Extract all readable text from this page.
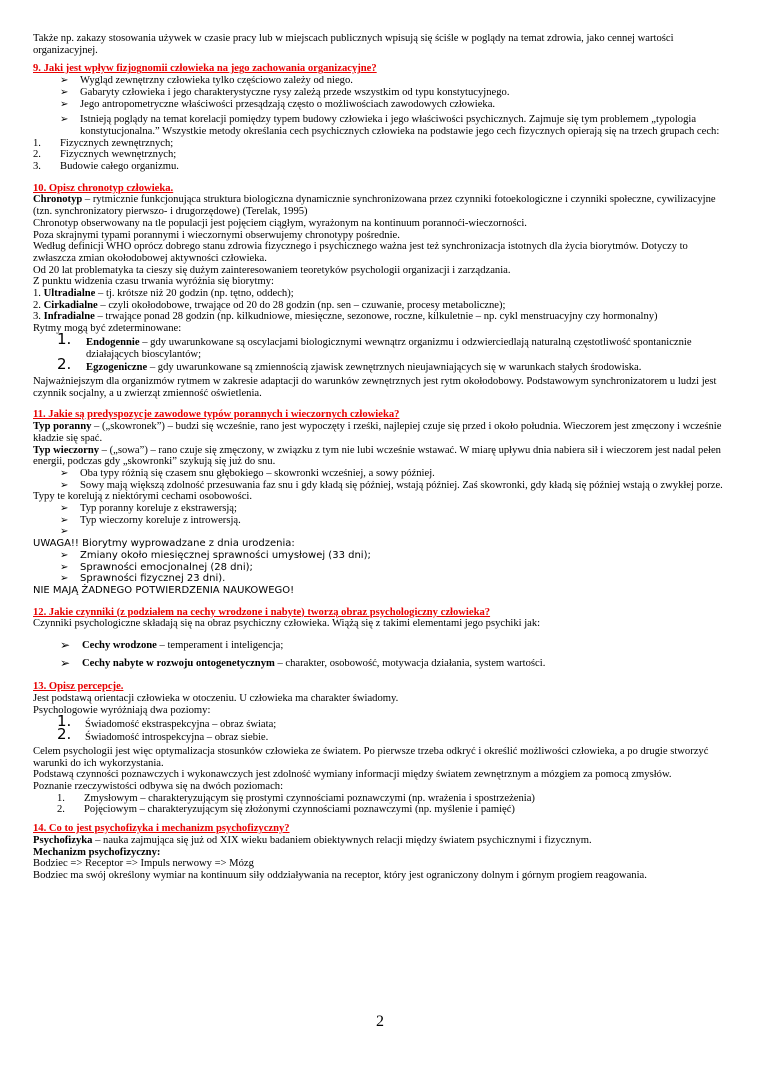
Także np. zakazy stosowania używek w czasie pracy lub w miejscach publicznych wpisują się ściśle w poglądy na temat zdrowia, jako cennej wartości organizacyjnej.

9. Jaki jest wpływ fizjognomii człowieka na jego zachowania organizacyjne?

➢ Wygląd zewnętrzny człowieka tylko częściowo zależy od niego.
➢ Gabaryty człowieka i jego charakterystyczne rysy zależą przede wszystkim od typu konstytucyjnego.
➢ Jego antropometryczne właściwości przesądzają często o możliwościach zawodowych człowieka.
➢ Istnieją poglądy na temat korelacji pomiędzy typem budowy człowieka i jego właściwości psychicznych. Zajmuje się tym problemem „typologia konstytucjonalna.” Wszystkie metody określania cech psychicznych człowieka na podstawie jego cech fizycznych opierają się na trzech grupach cech:
1. Fizycznych zewnętrznych;
2. Fizycznych wewnętrznych;
3. Budowie całego organizmu.

10. Opisz chronotyp człowieka.

Chronotyp – rytmicznie funkcjonująca struktura biologiczna dynamicznie synchronizowana przez czynniki fotoekologiczne i czynniki społeczne, cywilizacyjne (tzn. synchronizatory pierwszo- i drugorzędowe) (Terelak, 1995)

Chronotyp obserwowany na tle populacji jest pojęciem ciągłym, wyrażonym na kontinuum porannoći-wieczorności.

Poza skrajnymi typami porannymi i wieczornymi obserwujemy chronotypy pośrednie.

Według definicji WHO oprócz dobrego stanu zdrowia fizycznego i psychicznego ważna jest też synchronizacja istotnych dla życia biorytmów. Dotyczy to zwłaszcza zmian okołodobowej aktywności człowieka.

Od 20 lat problematyka ta cieszy się dużym zainteresowaniem teoretyków psychologii organizacji i zarządzania.

Z punktu widzenia czasu trwania wyróżnia się biorytmy:

1. Ultradialne – tj. krótsze niż 20 godzin (np. tętno, oddech);

2. Cirkadialne – czyli okołodobowe, trwające od 20 do 28 godzin (np. sen – czuwanie, procesy metaboliczne);

3. Infradialne – trwające ponad 28 godzin (np. kilkudniowe, miesięczne, sezonowe, roczne, kilkuletnie – np. cykl menstruacyjny czy hormonalny)

Rytmy mogą być zdeterminowane:

1. Endogennie – gdy uwarunkowane są oscylacjami biologicznymi wewnątrz organizmu i odzwierciedlają naturalną częstotliwość spontanicznie działających bioscylantów;
2. Egzogeniczne – gdy uwarunkowane są zmiennością zjawisk zewnętrznych nieujawniających się w warunkach stałych środowiska.

Najważniejszym dla organizmów rytmem w zakresie adaptacji do warunków zewnętrznych jest rytm okołodobowy. Podstawowym synchronizatorem u ludzi jest czynnik socjalny, a u zwierząt zmienność oświetlenia.

11. Jakie są predyspozycje zawodowe typów porannych i wieczornych człowieka?

Typ poranny – („skowronek”) – budzi się wcześnie, rano jest wypoczęty i rześki, najlepiej czuje się przed i około południa. Wieczorem jest zmęczony i wcześnie kładzie się spać.

Typ wieczorny – („sowa”) – rano czuje się zmęczony, w związku z tym nie lubi wcześnie wstawać. W miarę upływu dnia nabiera sił i wieczorem jest nadal pełen energii, podczas gdy „skowronki” szykują się już do snu.

➢ Oba typy różnią się czasem snu głębokiego – skowronki wcześniej, a sowy później.
➢ Sowy mają większą zdolność przesuwania faz snu i gdy kładą się później, wstają później. Zaś skowronki, gdy kładą się później wstają o zwykłej porze.

Typy te korelują z niektórymi cechami osobowości.

➢ Typ poranny koreluje z ekstrawersją;
➢ Typ wieczorny koreluje z introwersją.
➢

UWAGA!! Biorytmy wyprowadzane z dnia urodzenia:

➢ Zmiany około miesięcznej sprawności umysłowej (33 dni);
➢ Sprawności emocjonalnej (28 dni);
➢ Sprawności fizycznej 23 dni).

NIE MAJĄ ŻADNEGO POTWIERDZENIA NAUKOWEGO!

12. Jakie czynniki (z podziałem na cechy wrodzone i nabyte) tworzą obraz psychologiczny człowieka?

Czynniki psychologiczne składają się na obraz psychiczny człowieka. Wiążą się z takimi elementami jego psychiki jak:

➢ Cechy wrodzone – temperament i inteligencja;
➢ Cechy nabyte w rozwoju ontogenetycznym – charakter, osobowość, motywacja działania, system wartości.

13. Opisz percepcje.

Jest podstawą orientacji człowieka w otoczeniu. U człowieka ma charakter świadomy.

Psychologowie wyróżniają dwa poziomy:

1. Świadomość ekstraspekcyjna – obraz świata;
2. Świadomość introspekcyjna – obraz siebie.

Celem psychologii jest więc optymalizacja stosunków człowieka ze światem. Po pierwsze trzeba odkryć i określić możliwości człowieka, a po drugie stworzyć warunki do ich wykorzystania.

Podstawą czynności poznawczych i wykonawczych jest zdolność wymiany informacji między światem zewnętrznym a mózgiem za pomocą zmysłów.

Poznanie rzeczywistości odbywa się na dwóch poziomach:

1. Zmysłowym – charakteryzującym się prostymi czynnościami poznawczymi (np. wrażenia i spostrzeżenia)
2. Pojęciowym – charakteryzującym się złożonymi czynnościami poznawczymi (np. myślenie i pamięć)

14. Co to jest psychofizyka i mechanizm psychofizyczny?

Psychofizyka – nauka zajmująca się już od XIX wieku badaniem obiektywnych relacji między światem psychicznymi i fizycznym.

Mechanizm psychofizyczny:

Bodziec => Receptor => Impuls nerwowy => Mózg

Bodziec ma swój określony wymiar na kontinuum siły oddziaływania na receptor, który jest ograniczony dolnym i górnym progiem reagowania.

2
